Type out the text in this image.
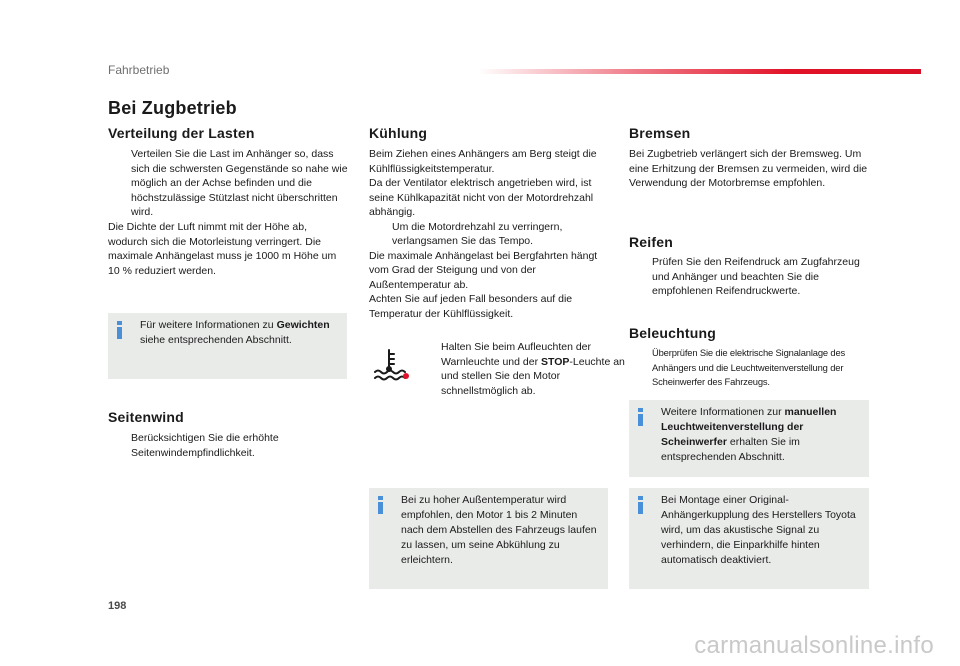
Fahrbetrieb
Bei Zugbetrieb
Verteilung der Lasten
Verteilen Sie die Last im Anhänger so, dass sich die schwersten Gegenstände so nahe wie möglich an der Achse befinden und die höchstzulässige Stützlast nicht überschritten wird.

Die Dichte der Luft nimmt mit der Höhe ab, wodurch sich die Motorleistung verringert. Die maximale Anhängelast muss je 1000 m Höhe um 10 % reduziert werden.

Für weitere Informationen zu Gewichten siehe entsprechenden Abschnitt.
Seitenwind
Berücksichtigen Sie die erhöhte Seitenwindempfindlichkeit.
Kühlung

Beim Ziehen eines Anhängers am Berg steigt die Kühlflüssigkeitstemperatur.

Da der Ventilator elektrisch angetrieben wird, ist seine Kühlkapazität nicht von der Motordrehzahl abhängig.

Um die Motordrehzahl zu verringern, verlangsamen Sie das Tempo.

Die maximale Anhängelast bei Bergfahrten hängt vom Grad der Steigung und von der Außentemperatur ab.

Achten Sie auf jeden Fall besonders auf die Temperatur der Kühlflüssigkeit.

Halten Sie beim Aufleuchten der Warnleuchte und der STOP-Leuchte an und stellen Sie den Motor schnellstmöglich ab.
Bei zu hoher Außentemperatur wird empfohlen, den Motor 1 bis 2 Minuten nach dem Abstellen des Fahrzeugs laufen zu lassen, um seine Abkühlung zu erleichtern.
Bremsen

Bei Zugbetrieb verlängert sich der Bremsweg. Um eine Erhitzung der Bremsen zu vermeiden, wird die Verwendung der Motorbremse empfohlen.

Reifen
Prüfen Sie den Reifendruck am Zugfahrzeug und Anhänger und beachten Sie die empfohlenen Reifendruckwerte.
Beleuchtung
Überprüfen Sie die elektrische Signalanlage des Anhängers und die Leuchtweitenverstellung der Scheinwerfer des Fahrzeugs.
Weitere Informationen zur manuellen Leuchtweitenverstellung der Scheinwerfer erhalten Sie im entsprechenden Abschnitt.
Bei Montage einer Original-Anhängerkupplung des Herstellers Toyota wird, um das akustische Signal zu verhindern, die Einparkhilfe hinten automatisch deaktiviert.
198
carmanualsonline.info
